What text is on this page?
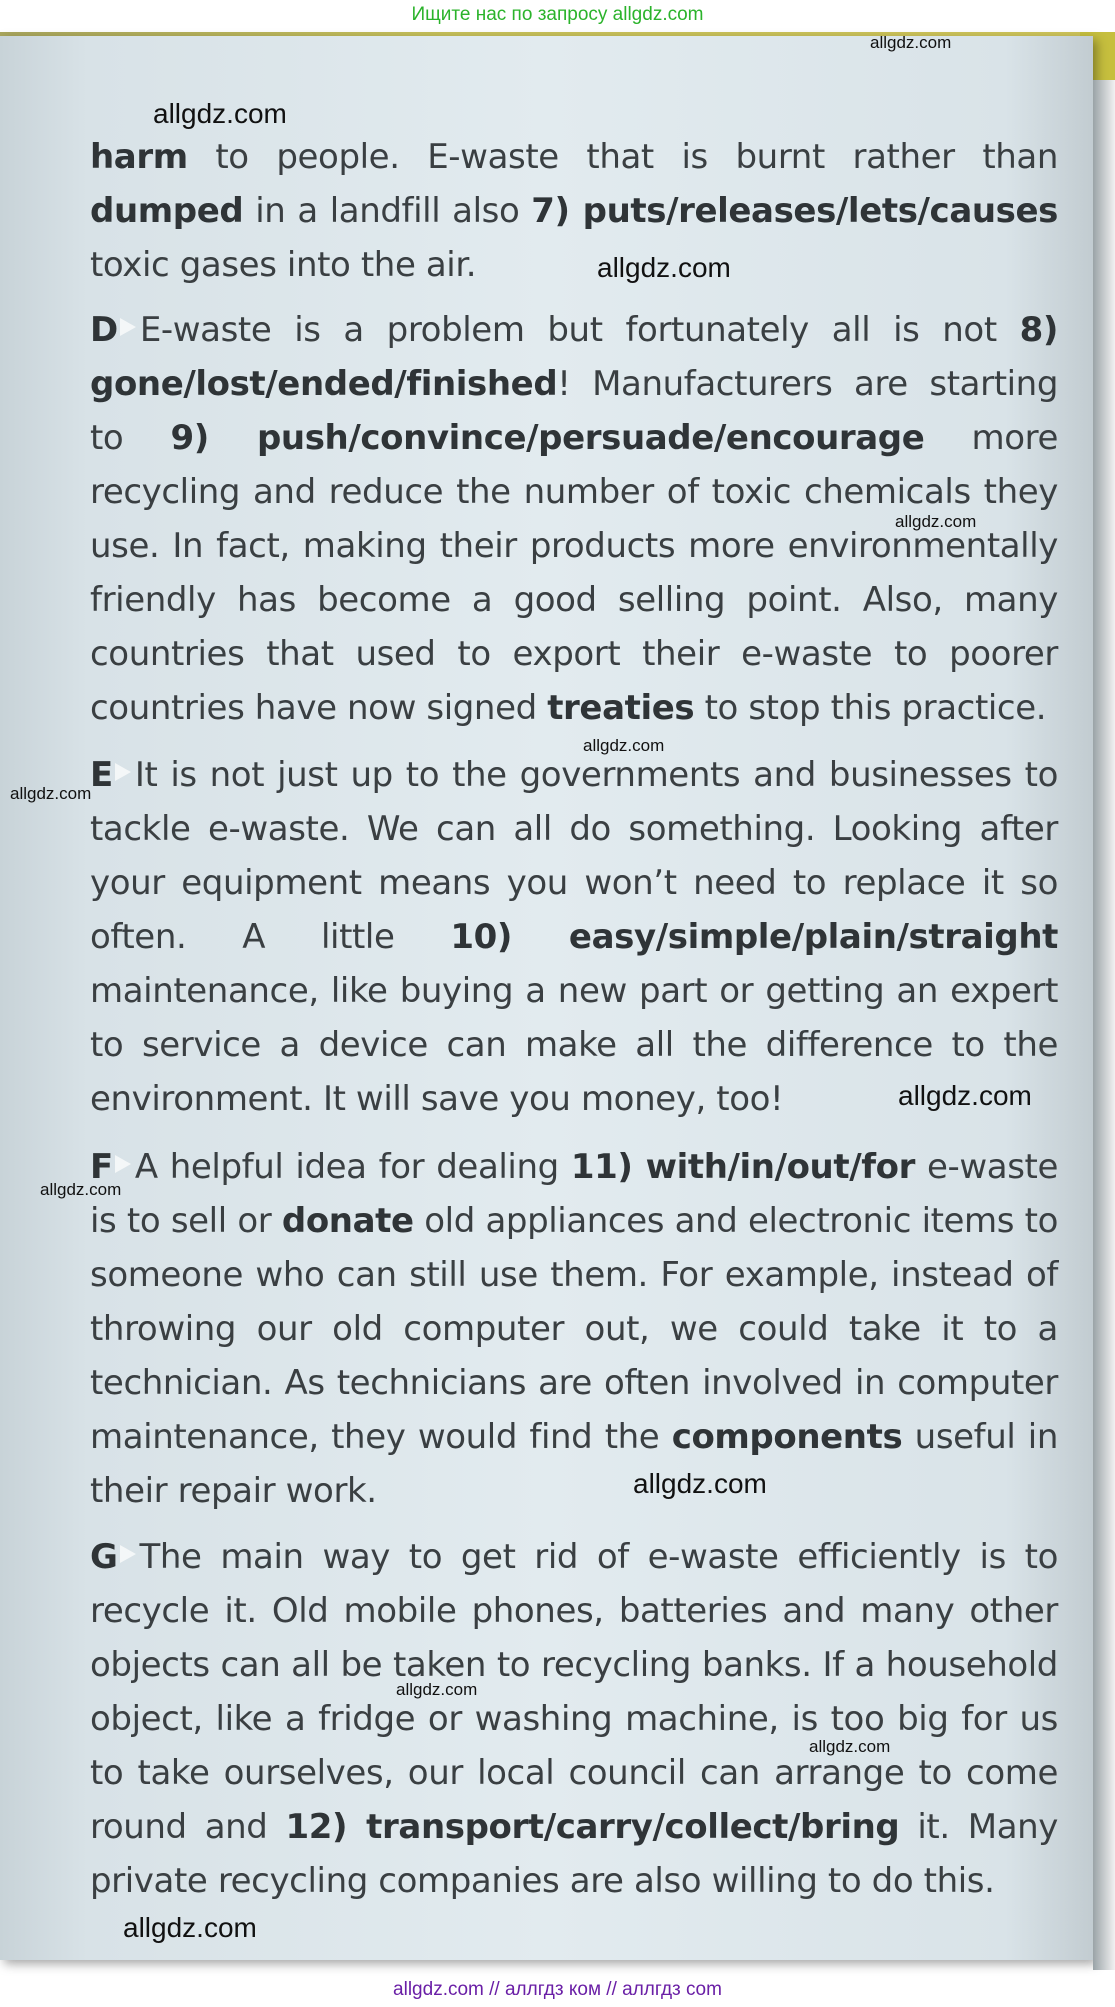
Ищите нас по запросу allgdz.com
harm to people. E-waste that is burnt rather than dumped in a landfill also 7) puts/releases/lets/causes toxic gases into the air.
D E-waste is a problem but fortunately all is not 8) gone/lost/ended/finished! Manufacturers are starting to 9) push/convince/persuade/encourage more recycling and reduce the number of toxic chemicals they use. In fact, making their products more environmentally friendly has become a good selling point. Also, many countries that used to export their e-waste to poorer countries have now signed treaties to stop this practice.
E It is not just up to the governments and businesses to tackle e-waste. We can all do something. Looking after your equipment means you won’t need to replace it so often. A little 10) easy/simple/plain/straight maintenance, like buying a new part or getting an expert to service a device can make all the difference to the environment. It will save you money, too!
F A helpful idea for dealing 11) with/in/out/for e-waste is to sell or donate old appliances and electronic items to someone who can still use them. For example, instead of throwing our old computer out, we could take it to a technician. As technicians are often involved in computer maintenance, they would find the components useful in their repair work.
G The main way to get rid of e-waste efficiently is to recycle it. Old mobile phones, batteries and many other objects can all be taken to recycling banks. If a household object, like a fridge or washing machine, is too big for us to take ourselves, our local council can arrange to come round and 12) transport/carry/collect/bring it. Many private recycling companies are also willing to do this.
allgdz.com
allgdz.com
allgdz.com
allgdz.com
allgdz.com
allgdz.com
allgdz.com
allgdz.com
allgdz.com
allgdz.com
allgdz.com
allgdz.com
allgdz.com // аллгдз ком // аллгдз com
